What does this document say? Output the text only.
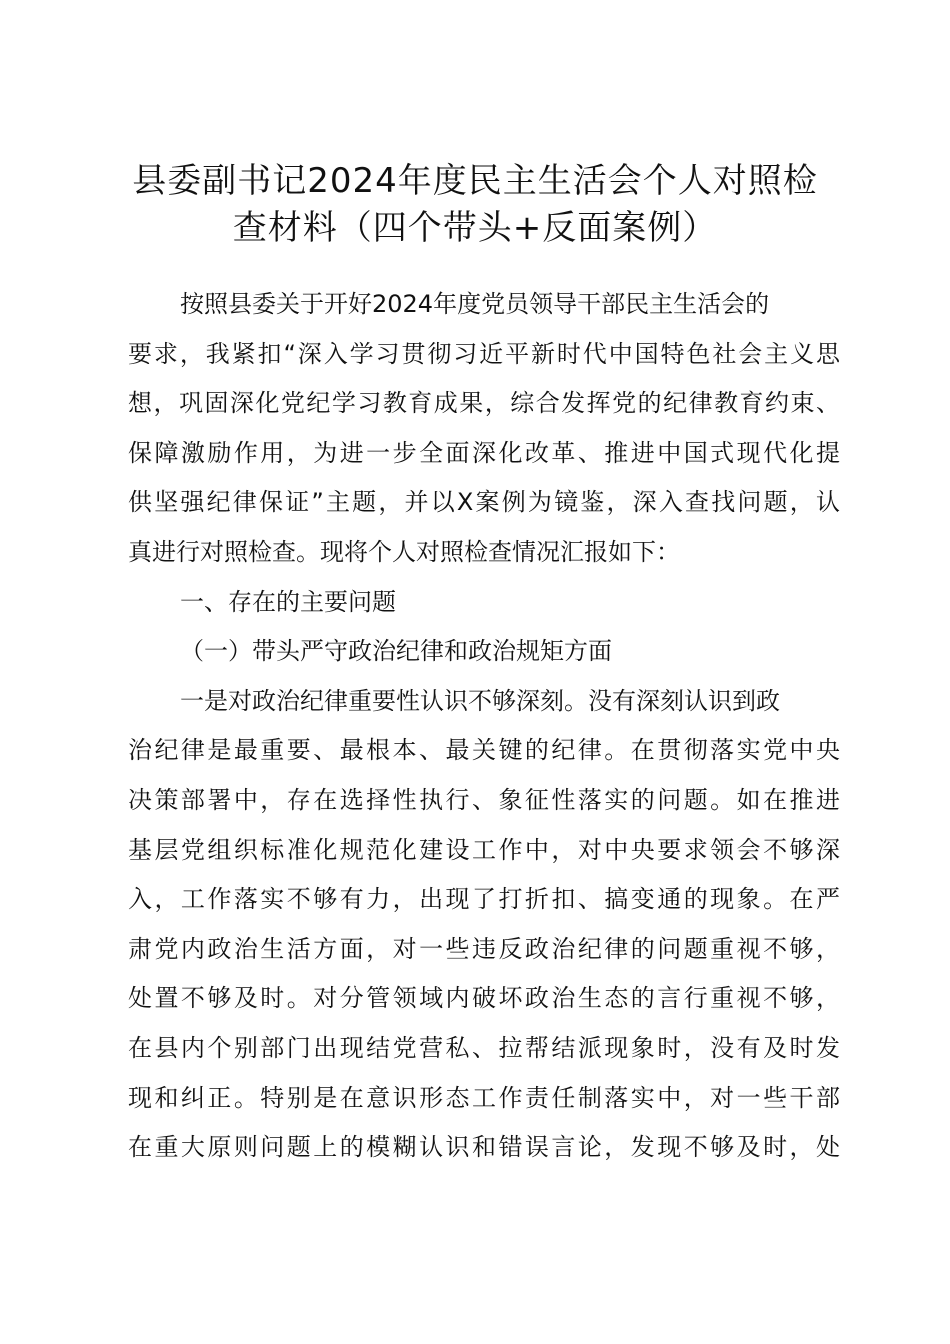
县委副书记2024年度民主生活会个人对照检
查材料（四个带头+反面案例）

按照县委关于开好2024年度党员领导干部民主生活会的

要求，我紧扣“深入学习贯彻习近平新时代中国特色社会主义思

想，巩固深化党纪学习教育成果，综合发挥党的纪律教育约束、

保障激励作用，为进一步全面深化改革、推进中国式现代化提

供坚强纪律保证”主题，并以X案例为镜鉴，深入查找问题，认

真进行对照检查。现将个人对照检查情况汇报如下：

一、存在的主要问题

（一）带头严守政治纪律和政治规矩方面

一是对政治纪律重要性认识不够深刻。没有深刻认识到政

治纪律是最重要、最根本、最关键的纪律。在贯彻落实党中央

决策部署中，存在选择性执行、象征性落实的问题。如在推进

基层党组织标准化规范化建设工作中，对中央要求领会不够深

入，工作落实不够有力，出现了打折扣、搞变通的现象。在严

肃党内政治生活方面，对一些违反政治纪律的问题重视不够，

处置不够及时。对分管领域内破坏政治生态的言行重视不够，

在县内个别部门出现结党营私、拉帮结派现象时，没有及时发

现和纠正。特别是在意识形态工作责任制落实中，对一些干部

在重大原则问题上的模糊认识和错误言论，发现不够及时，处
